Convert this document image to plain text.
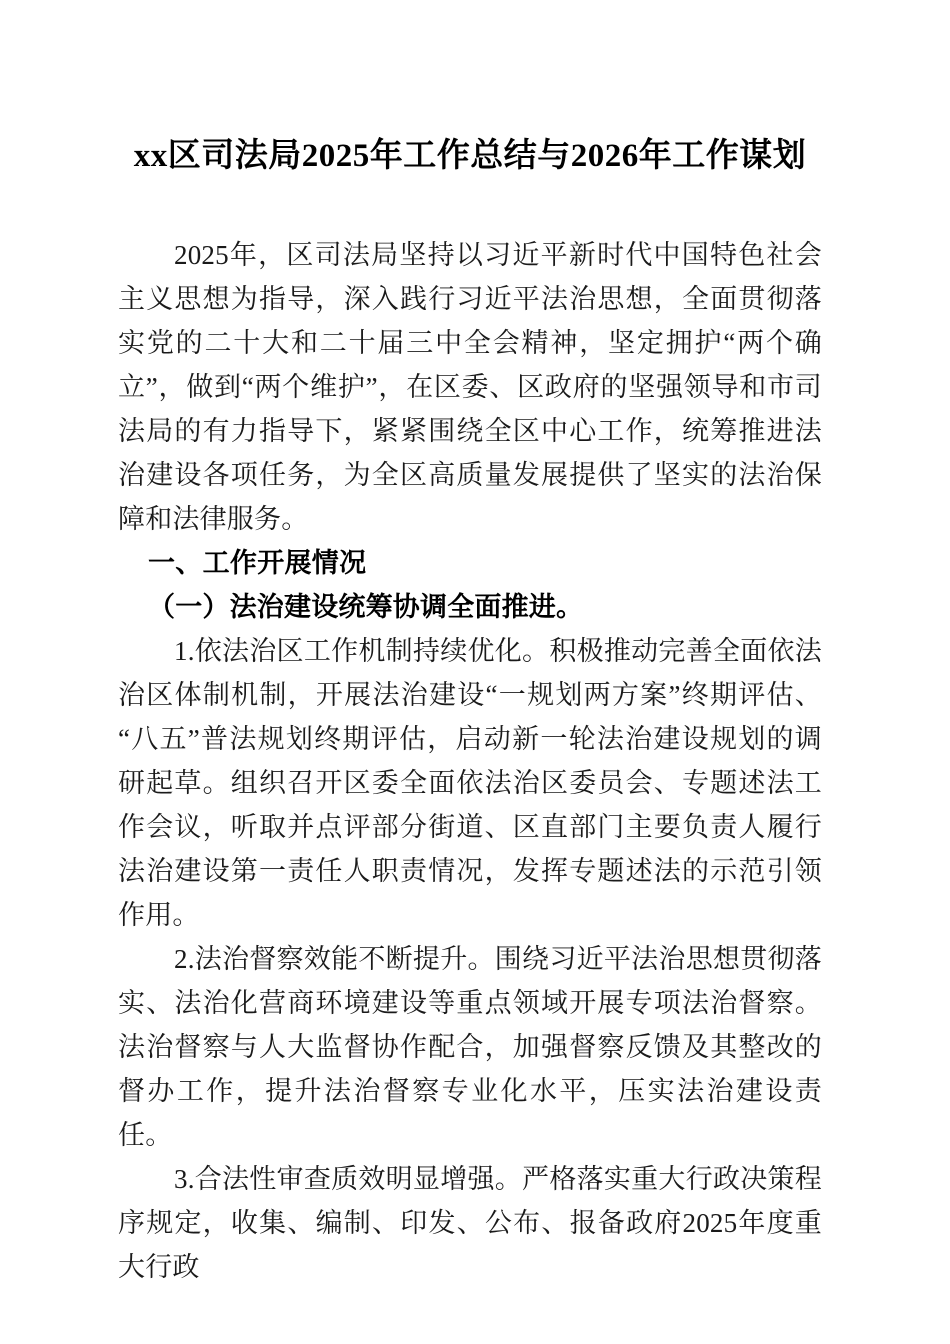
xx区司法局2025年工作总结与2026年工作谋划

2025年，区司法局坚持以习近平新时代中国特色社会主义思想为指导，深入践行习近平法治思想，全面贯彻落实党的二十大和二十届三中全会精神，坚定拥护“两个确立”，做到“两个维护”，在区委、区政府的坚强领导和市司法局的有力指导下，紧紧围绕全区中心工作，统筹推进法治建设各项任务，为全区高质量发展提供了坚实的法治保障和法律服务。

一、工作开展情况
（一）法治建设统筹协调全面推进。

1.依法治区工作机制持续优化。积极推动完善全面依法治区体制机制，开展法治建设“一规划两方案”终期评估、“八五”普法规划终期评估，启动新一轮法治建设规划的调研起草。组织召开区委全面依法治区委员会、专题述法工作会议，听取并点评部分街道、区直部门主要负责人履行法治建设第一责任人职责情况，发挥专题述法的示范引领作用。

2.法治督察效能不断提升。围绕习近平法治思想贯彻落实、法治化营商环境建设等重点领域开展专项法治督察。法治督察与人大监督协作配合，加强督察反馈及其整改的督办工作，提升法治督察专业化水平，压实法治建设责任。

3.合法性审查质效明显增强。严格落实重大行政决策程序规定，收集、编制、印发、公布、报备政府2025年度重大行政
